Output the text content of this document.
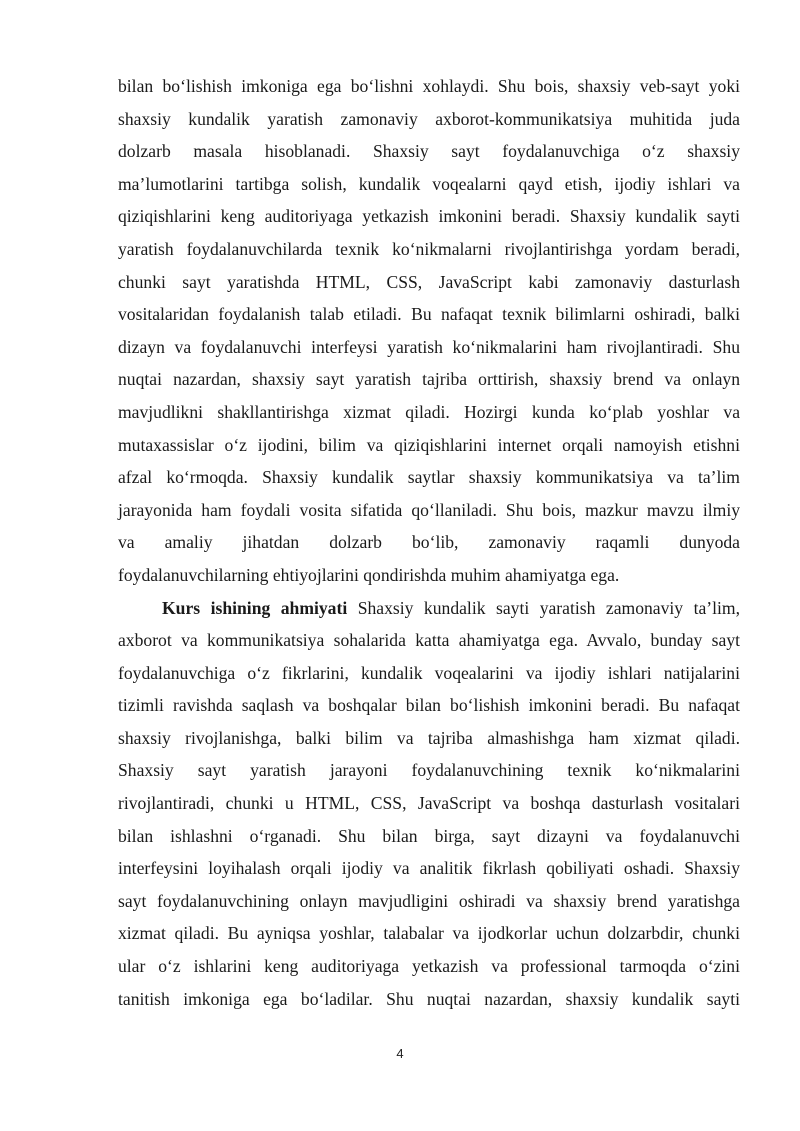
bilan bo‘lishish imkoniga ega bo‘lishni xohlaydi. Shu bois, shaxsiy veb-sayt yoki
shaxsiy kundalik yaratish zamonaviy axborot-kommunikatsiya muhitida juda
dolzarb masala hisoblanadi. Shaxsiy sayt foydalanuvchiga o‘z shaxsiy
ma’lumotlarini tartibga solish, kundalik voqealarni qayd etish, ijodiy ishlari va
qiziqishlarini keng auditoriyaga yetkazish imkonini beradi. Shaxsiy kundalik sayti
yaratish foydalanuvchilarda texnik ko‘nikmalarni rivojlantirishga yordam beradi,
chunki sayt yaratishda HTML, CSS, JavaScript kabi zamonaviy dasturlash
vositalaridan foydalanish talab etiladi. Bu nafaqat texnik bilimlarni oshiradi, balki
dizayn va foydalanuvchi interfeysi yaratish ko‘nikmalarini ham rivojlantiradi. Shu
nuqtai nazardan, shaxsiy sayt yaratish tajriba orttirish, shaxsiy brend va onlayn
mavjudlikni shakllantirishga xizmat qiladi. Hozirgi kunda ko‘plab yoshlar va
mutaxassislar o‘z ijodini, bilim va qiziqishlarini internet orqali namoyish etishni
afzal ko‘rmoqda. Shaxsiy kundalik saytlar shaxsiy kommunikatsiya va ta’lim
jarayonida ham foydali vosita sifatida qo‘llaniladi. Shu bois, mazkur mavzu ilmiy
va amaliy jihatdan dolzarb bo‘lib, zamonaviy raqamli dunyoda
foydalanuvchilarning ehtiyojlarini qondirishda muhim ahamiyatga ega.
Kurs ishining ahmiyati Shaxsiy kundalik sayti yaratish zamonaviy ta’lim,
axborot va kommunikatsiya sohalarida katta ahamiyatga ega. Avvalo, bunday sayt
foydalanuvchiga o‘z fikrlarini, kundalik voqealarini va ijodiy ishlari natijalarini
tizimli ravishda saqlash va boshqalar bilan bo‘lishish imkonini beradi. Bu nafaqat
shaxsiy rivojlanishga, balki bilim va tajriba almashishga ham xizmat qiladi.
Shaxsiy sayt yaratish jarayoni foydalanuvchining texnik ko‘nikmalarini
rivojlantiradi, chunki u HTML, CSS, JavaScript va boshqa dasturlash vositalari
bilan ishlashni o‘rganadi. Shu bilan birga, sayt dizayni va foydalanuvchi
interfeysini loyihalash orqali ijodiy va analitik fikrlash qobiliyati oshadi. Shaxsiy
sayt foydalanuvchining onlayn mavjudligini oshiradi va shaxsiy brend yaratishga
xizmat qiladi. Bu ayniqsa yoshlar, talabalar va ijodkorlar uchun dolzarbdir, chunki
ular o‘z ishlarini keng auditoriyaga yetkazish va professional tarmoqda o‘zini
tanitish imkoniga ega bo‘ladilar. Shu nuqtai nazardan, shaxsiy kundalik sayti
4
